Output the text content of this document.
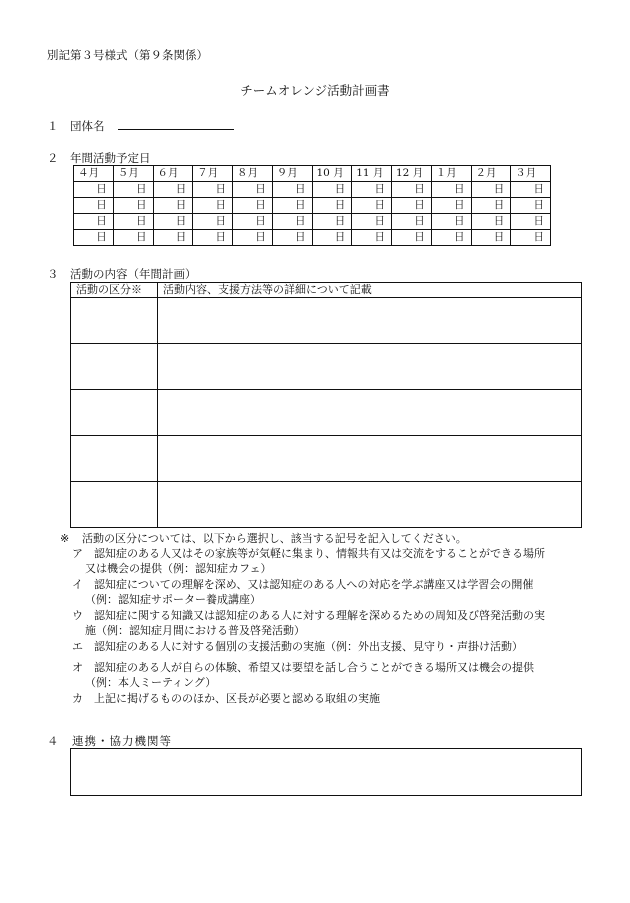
別記第３号様式（第９条関係）
チームオレンジ活動計画書
１ 団体名
２ 年間活動予定日
４月	５月	６月	７月	８月	９月	10 月	11 月	12 月	１月	２月	３月
日	日	日	日	日	日	日	日	日	日	日	日
日	日	日	日	日	日	日	日	日	日	日	日
日	日	日	日	日	日	日	日	日	日	日	日
日	日	日	日	日	日	日	日	日	日	日	日
３ 活動の内容（年間計画）
活動の区分※	活動内容、支援方法等の詳細について記載

※ 活動の区分については、以下から選択し、該当する記号を記入してください。
ア 認知症のある人又はその家族等が気軽に集まり、情報共有又は交流をすることができる場所
又は機会の提供（例：認知症カフェ）
イ 認知症についての理解を深め、又は認知症のある人への対応を学ぶ講座又は学習会の開催
（例：認知症サポーター養成講座）
ウ 認知症に関する知識又は認知症のある人に対する理解を深めるための周知及び啓発活動の実
施（例：認知症月間における普及啓発活動）
エ 認知症のある人に対する個別の支援活動の実施（例：外出支援、見守り・声掛け活動）
オ 認知症のある人が自らの体験、希望又は要望を話し合うことができる場所又は機会の提供
（例：本人ミーティング）
カ 上記に掲げるもののほか、区長が必要と認める取組の実施
４ 連携・協力機関等
